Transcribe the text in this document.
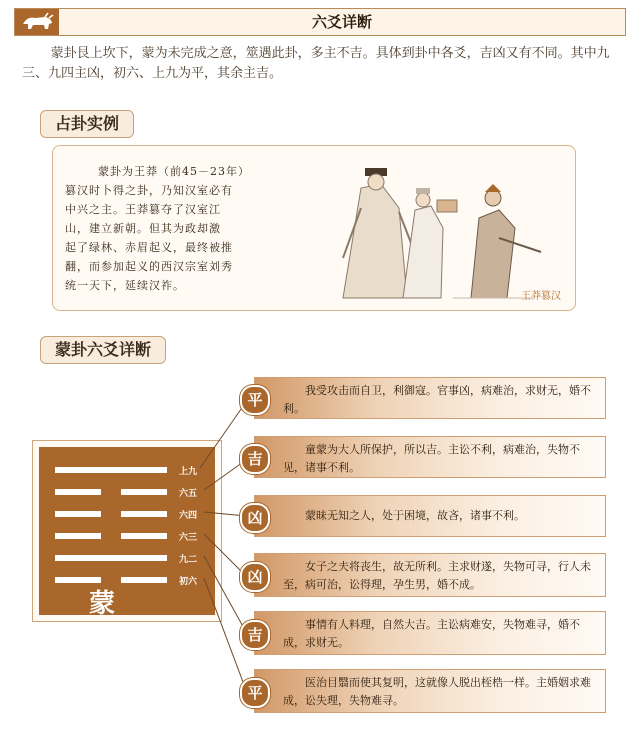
六爻详断
蒙卦艮上坎下，蒙为未完成之意，筮遇此卦，多主不吉。具体到卦中各爻，吉凶又有不同。其中九三、九四主凶，初六、上九为平，其余主吉。
占卦实例
蒙卦为王莽（前45－23年）
篡汉时卜得之卦，乃知汉室必有
中兴之主。王莽篡夺了汉室江
山，建立新朝。但其为政却激
起了绿林、赤眉起义，最终被推
翻，而参加起义的西汉宗室刘秀
统一天下，延续汉祚。
王莽篡汉
蒙卦六爻详断
上九
六五
六四
六三
九二
初六
蒙
我受攻击而自卫，利御寇。官事凶，病难治，求财无，婚不利。
童蒙为大人所保护，所以吉。主讼不利，病难治，失物不见，诸事不利。
蒙昧无知之人，处于困境，故吝，诸事不利。
女子之夫将丧生，故无所利。主求财遂，失物可寻，行人未至，病可治，讼得理，孕生男，婚不成。
事情有人料理，自然大吉。主讼病难安，失物难寻，婚不成，求财无。
医治目翳而使其复明，这就像人脱出桎梏一样。主婚姻求难成，讼失理，失物难寻。
平
吉
凶
凶
吉
平
